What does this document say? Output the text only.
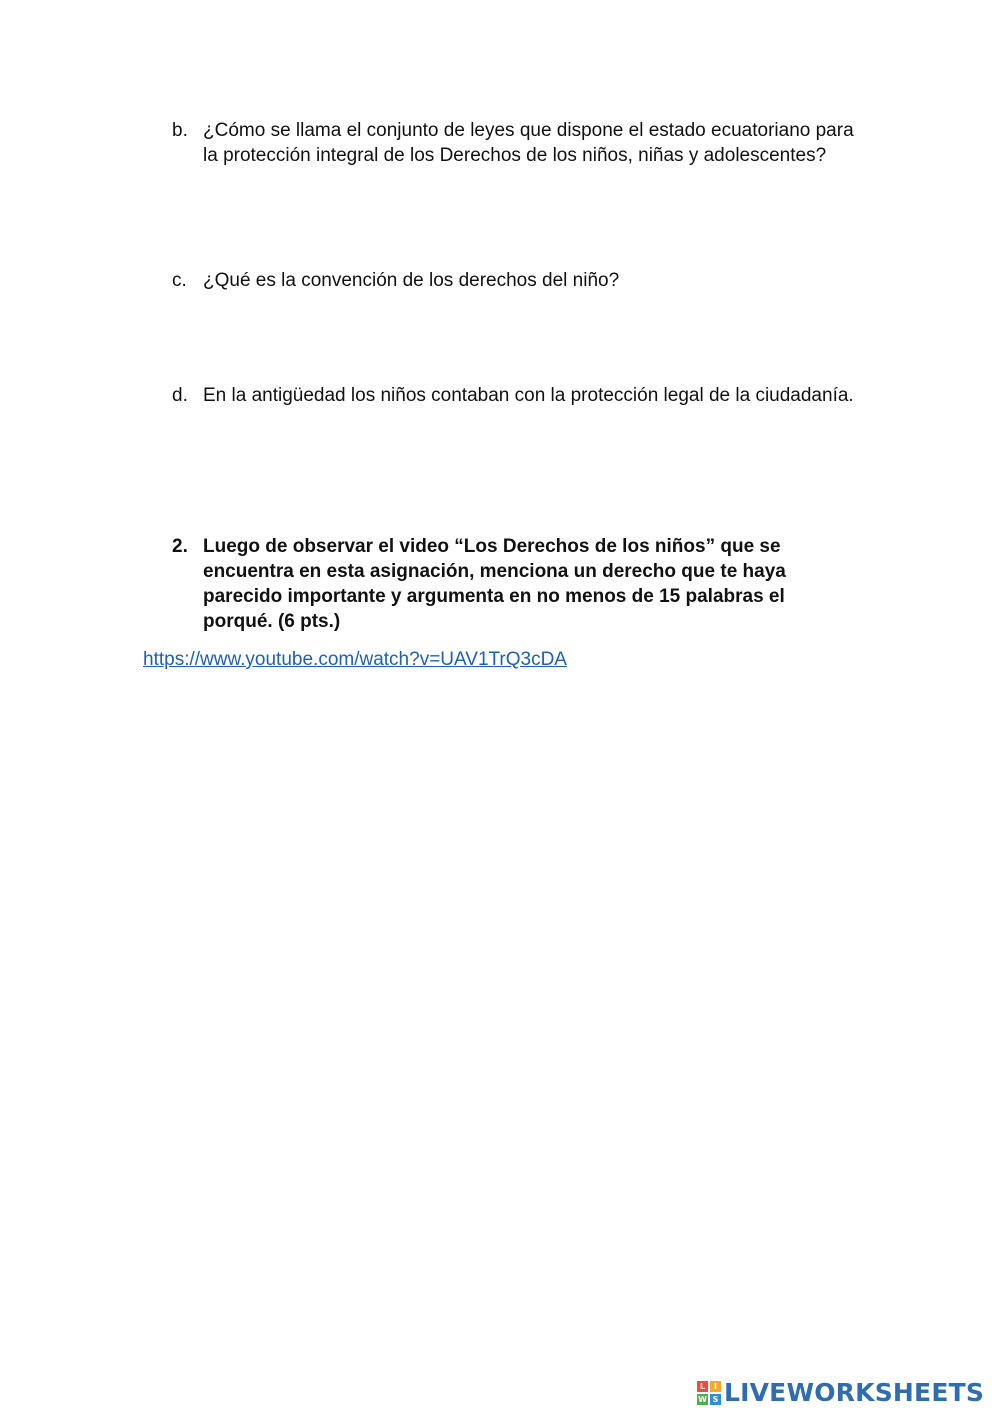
b. ¿Cómo se llama el conjunto de leyes que dispone el estado ecuatoriano para la protección integral de los Derechos de los niños, niñas y adolescentes?
c. ¿Qué es la convención de los derechos del niño?
d. En la antigüedad los niños contaban con la protección legal de la ciudadanía.
2. Luego de observar el video “Los Derechos de los niños” que se encuentra en esta asignación, menciona un derecho que te haya parecido importante y argumenta en no menos de 15 palabras el porqué. (6 pts.)
https://www.youtube.com/watch?v=UAV1TrQ3cDA
L	I
W S LIVEWORKSHEETS
